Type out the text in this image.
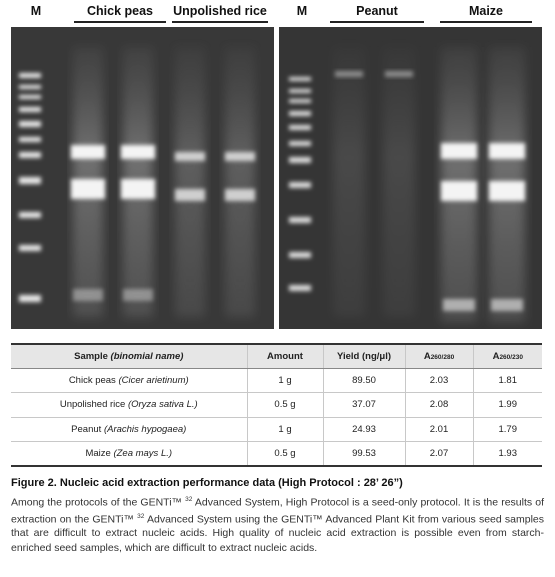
M	Chick peas	Unpolished rice M	Peanut	Maize
Sample (binomial name)	Amount	Yield (ng/μl)	A260/280	A260/230
Chick peas (Cicer arietinum)	1 g	89.50	2.03	1.81
Unpolished rice (Oryza sativa L.)	0.5 g	37.07	2.08	1.99
Peanut (Arachis hypogaea)	1 g	24.93	2.01	1.79
Maize (Zea mays L.)	0.5 g	99.53	2.07	1.93
Figure 2. Nucleic acid extraction performance data (High Protocol : 28’ 26”)
Among the protocols of the GENTi™ $^{32}$ Advanced System, High Protocol is a seed-only protocol. It is the results of extraction on the GENTi™ $^{32}$ Advanced System using the GENTi™ Advanced Plant Kit from various seed samples that are difficult to extract nucleic acids. High quality of nucleic acid extraction is possible even from starch-enriched seed samples, which are difficult to extract nucleic acids.
